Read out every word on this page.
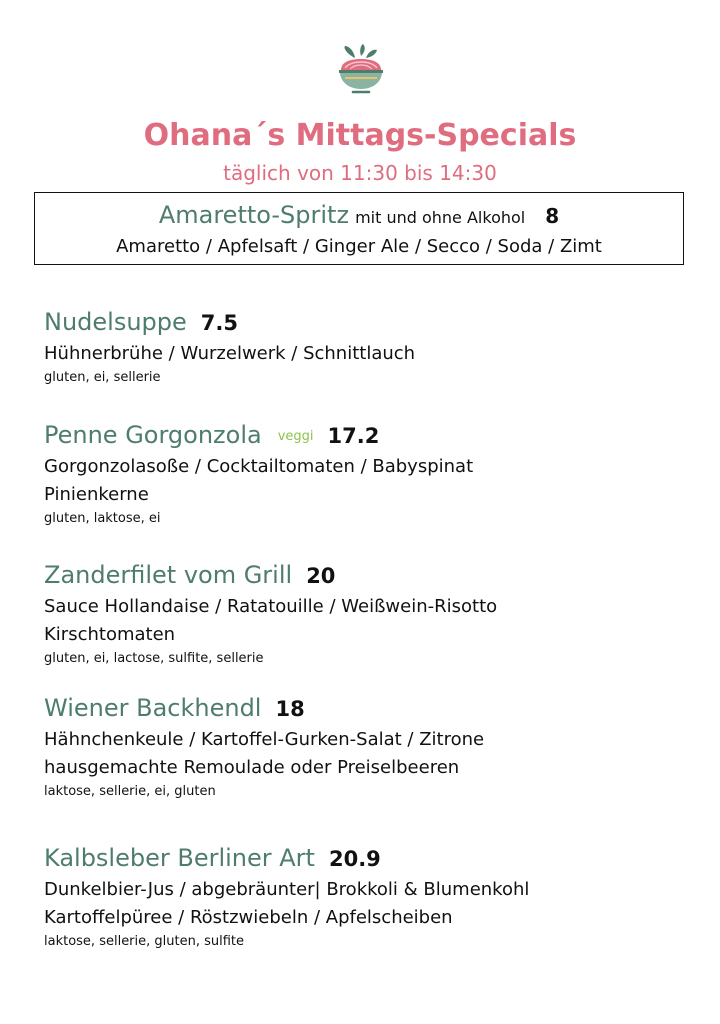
Ohana´s Mittags-Specials
täglich von 11:30 bis 14:30
Amaretto-Spritz mit und ohne Alkohol 8
Amaretto / Apfelsaft / Ginger Ale / Secco / Soda / Zimt
Nudelsuppe 7.5
Hühnerbrühe / Wurzelwerk / Schnittlauch
gluten, ei, sellerie
Penne Gorgonzola veggi 17.2
Gorgonzolasoße / Cocktailtomaten / Babyspinat
Pinienkerne
gluten, laktose, ei
Zanderfilet vom Grill 20
Sauce Hollandaise / Ratatouille / Weißwein-Risotto
Kirschtomaten
gluten, ei, lactose, sulfite, sellerie
Wiener Backhendl 18
Hähnchenkeule / Kartoffel-Gurken-Salat / Zitrone
hausgemachte Remoulade oder Preiselbeeren
laktose, sellerie, ei, gluten
Kalbsleber Berliner Art 20.9
Dunkelbier-Jus / abgebräunter| Brokkoli & Blumenkohl
Kartoffelpüree / Röstzwiebeln / Apfelscheiben
laktose, sellerie, gluten, sulfite
